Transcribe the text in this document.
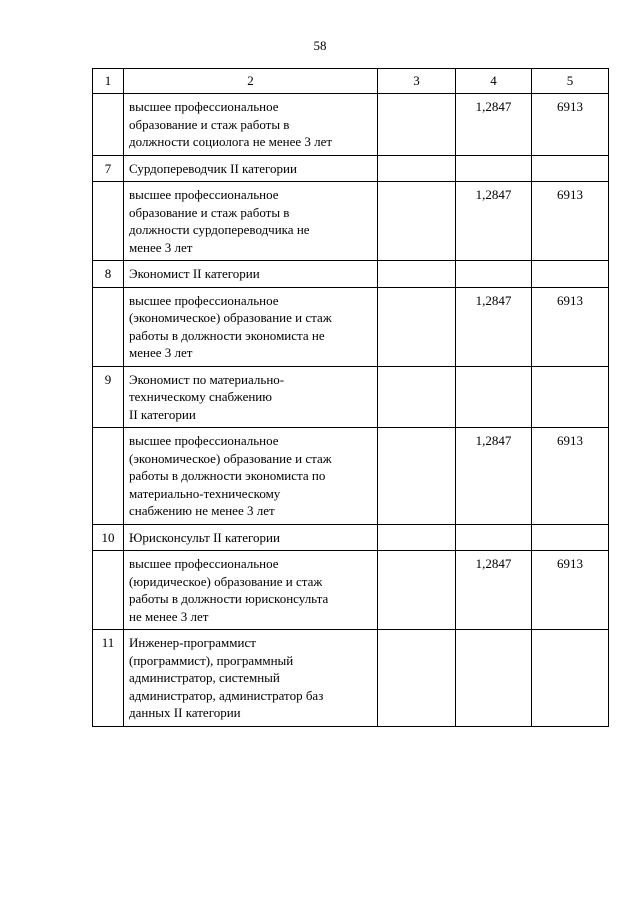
58
1	2	3	4	5
	высшее профессиональное
образование и стаж работы в
должности социолога не менее 3 лет		1,2847	6913
7	Сурдопереводчик II категории			
	высшее профессиональное
образование и стаж работы в
должности сурдопереводчика не
менее 3 лет		1,2847	6913
8	Экономист II категории			
	высшее профессиональное
(экономическое) образование и стаж
работы в должности экономиста не
менее 3 лет		1,2847	6913
9	Экономист по материально-
техническому снабжению
II категории			
	высшее профессиональное
(экономическое) образование и стаж
работы в должности экономиста по
материально-техническому
снабжению не менее 3 лет		1,2847	6913
10	Юрисконсульт II категории			
	высшее профессиональное
(юридическое) образование и стаж
работы в должности юрисконсульта
не менее 3 лет		1,2847	6913
11	Инженер-программист
(программист), программный
администратор, системный
администратор, администратор баз
данных II категории			
